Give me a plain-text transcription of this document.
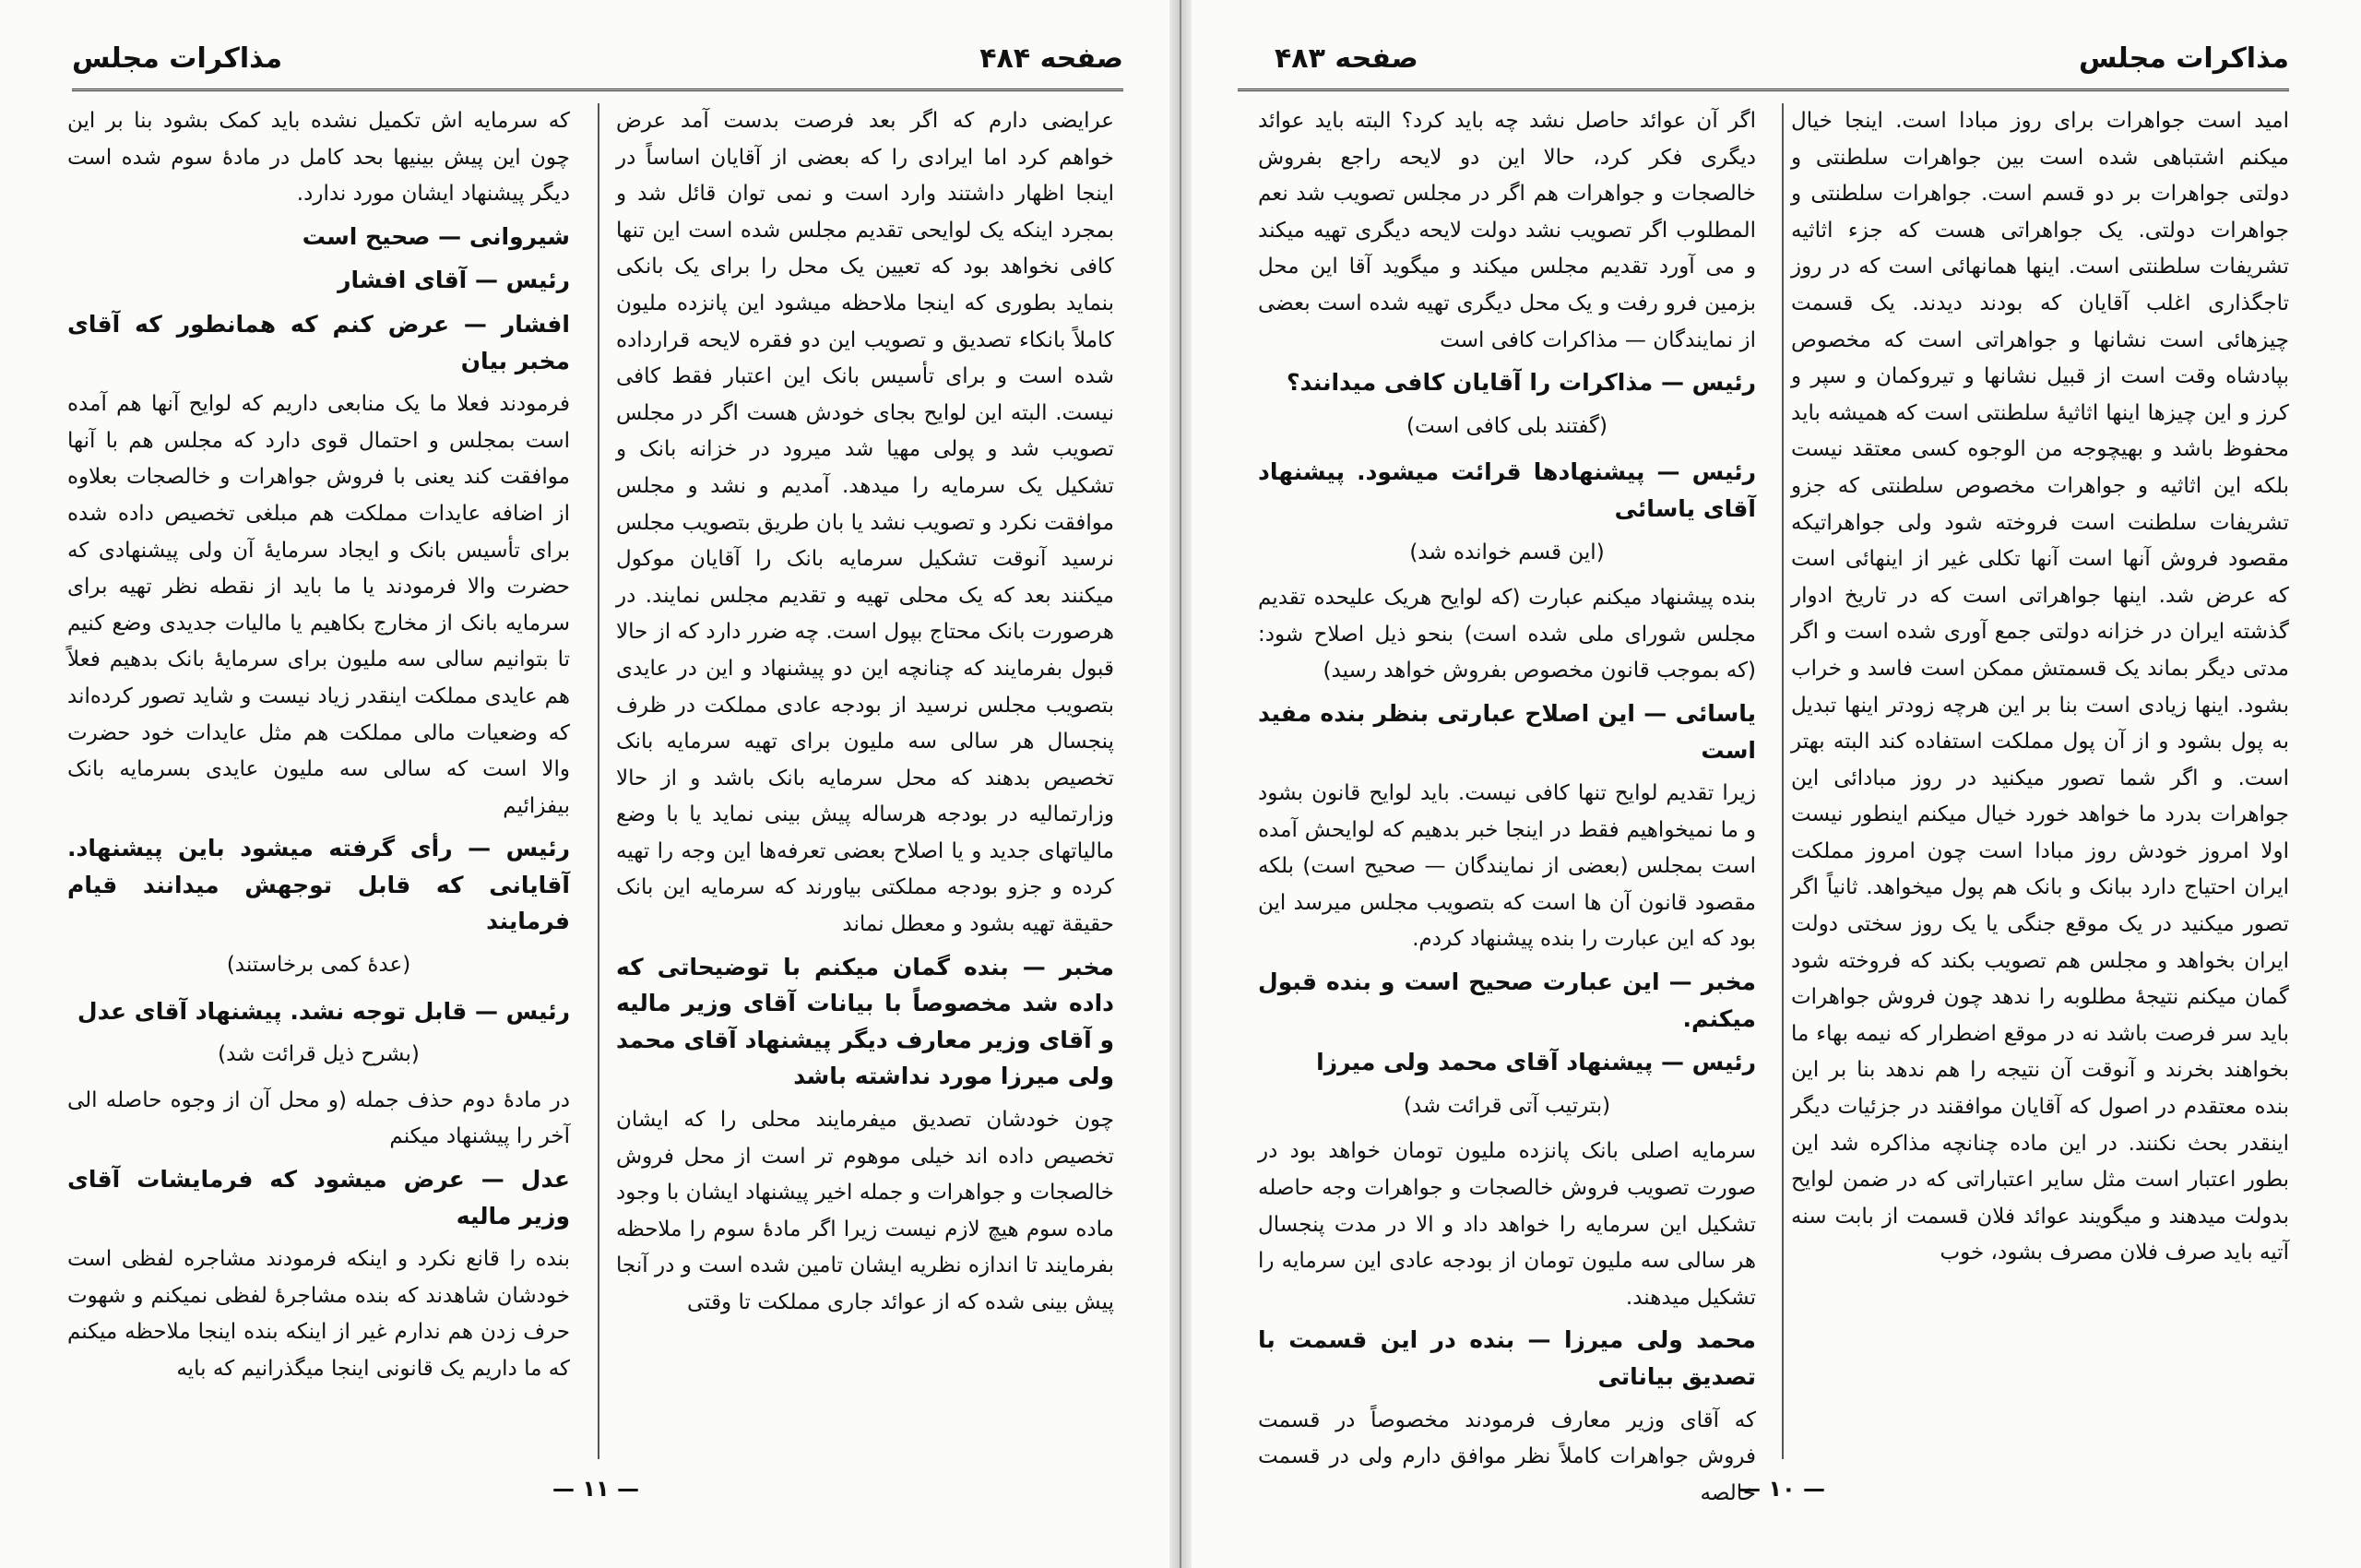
مذاکرات مجلس	صفحه ۴۸۴

عرایضی دارم که اگر بعد فرصت بدست آمد عرض خواهم کرد اما ایرادی را که بعضی از آقایان اساساً در اینجا اظهار داشتند وارد است و نمی توان قائل شد و بمجرد اینکه یک لوایحی تقدیم مجلس شده است این تنها کافی نخواهد بود که تعیین یک محل را برای یک بانکی بنماید بطوری که اینجا ملاحظه میشود این پانزده ملیون کاملاً بانکاء تصدیق و تصویب این دو فقره لایحه قرارداده شده است و برای تأسیس بانک این اعتبار فقط کافی نیست. البته این لوایح بجای خودش هست اگر در مجلس تصویب شد و پولی مهیا شد میرود در خزانه بانک و تشکیل یک سرمایه را میدهد. آمدیم و نشد و مجلس موافقت نکرد و تصویب نشد یا بان طریق بتصویب مجلس نرسید آنوقت تشکیل سرمایه بانک را آقایان موکول میکنند بعد که یک محلی تهیه و تقدیم مجلس نمایند. در هرصورت بانک محتاج بپول است. چه ضرر دارد که از حالا قبول بفرمایند که چنانچه این دو پیشنهاد و این در عایدی بتصویب مجلس نرسید از بودجه عادی مملکت در ظرف پنجسال هر سالی سه ملیون برای تهیه سرمایه بانک تخصیص بدهند که محل سرمایه بانک باشد و از حالا وزارتمالیه در بودجه هرساله پیش بینی نماید یا با وضع مالیاتهای جدید و یا اصلاح بعضی تعرفه‌ها این وجه را تهیه کرده و جزو بودجه مملکتی بیاورند که سرمایه این بانک حقیقة تهیه بشود و معطل نماند

مخبر — بنده گمان میکنم با توضیحاتی که داده شد مخصوصاً با بیانات آقای وزیر مالیه و آقای وزیر معارف دیگر پیشنهاد آقای محمد ولی میرزا مورد نداشته باشد

چون خودشان تصدیق میفرمایند محلی را که ایشان تخصیص داده اند خیلی موهوم تر است از محل فروش خالصجات و جواهرات و جمله اخیر پیشنهاد ایشان با وجود ماده سوم هیچ لازم نیست زیرا اگر مادهٔ سوم را ملاحظه بفرمایند تا اندازه نظریه ایشان تامین شده است و در آنجا پیش بینی شده که از عوائد جاری مملکت تا وقتی

که سرمایه اش تکمیل نشده باید کمک بشود بنا بر این چون این پیش بینیها بحد کامل در مادهٔ سوم شده است دیگر پیشنهاد ایشان مورد ندارد.

شیروانی — صحیح است

رئیس — آقای افشار

افشار — عرض کنم که همانطور که آقای مخبر بیان

فرمودند فعلا ما یک منابعی داریم که لوایح آنها هم آمده است بمجلس و احتمال قوی دارد که مجلس هم با آنها موافقت کند یعنی با فروش جواهرات و خالصجات بعلاوه از اضافه عایدات مملکت هم مبلغی تخصیص داده شده برای تأسیس بانک و ایجاد سرمایهٔ آن ولی پیشنهادی که حضرت والا فرمودند یا ما باید از نقطه نظر تهیه برای سرمایه بانک از مخارج بکاهیم یا مالیات جدیدی وضع کنیم تا بتوانیم سالی سه ملیون برای سرمایهٔ بانک بدهیم فعلاً هم عایدی مملکت اینقدر زیاد نیست و شاید تصور کرده‌اند که وضعیات مالی مملکت هم مثل عایدات خود حضرت والا است که سالی سه ملیون عایدی بسرمایه بانک بیفزائیم

رئیس — رأی گرفته میشود باین پیشنهاد. آقایانی که قابل توجهش میدانند قیام فرمایند

(عدهٔ کمی برخاستند)

رئیس — قابل توجه نشد. پیشنهاد آقای عدل

(بشرح ذیل قرائت شد)

در مادهٔ دوم حذف جمله (و محل آن از وجوه حاصله الی آخر را پیشنهاد میکنم

عدل — عرض میشود که فرمایشات آقای وزیر مالیه

بنده را قانع نکرد و اینکه فرمودند مشاجره لفظی است خودشان شاهدند که بنده مشاجرهٔ لفظی نمیکنم و شهوت حرف زدن هم ندارم غیر از اینکه بنده اینجا ملاحظه میکنم که ما داریم یک قانونی اینجا میگذرانیم که بایه

— ۱۱ —
مذاکرات مجلس
صفحه ۴۸۳

امید است جواهرات برای روز مبادا است. اینجا خیال میکنم اشتباهی شده است بین جواهرات سلطنتی و دولتی جواهرات بر دو قسم است. جواهرات سلطنتی و جواهرات دولتی. یک جواهراتی هست که جزء اثاثیه تشریفات سلطنتی است. اینها همانهائی است که در روز تاجگذاری اغلب آقایان که بودند دیدند. یک قسمت چیزهائی است نشانها و جواهراتی است که مخصوص بپادشاه وقت است از قبیل نشانها و تیروکمان و سپر و کرز و این چیزها اینها اثاثیهٔ سلطنتی است که همیشه باید محفوظ باشد و بهیچوجه من الوجوه کسی معتقد نیست بلکه این اثاثیه و جواهرات مخصوص سلطنتی که جزو تشریفات سلطنت است فروخته شود ولی جواهراتیکه مقصود فروش آنها است آنها تکلی غیر از اینهائی است که عرض شد. اینها جواهراتی است که در تاریخ ادوار گذشته ایران در خزانه دولتی جمع آوری شده است و اگر مدتی دیگر بماند یک قسمتش ممکن است فاسد و خراب بشود. اینها زیادی است بنا بر این هرچه زودتر اینها تبدیل به پول بشود و از آن پول مملکت استفاده کند البته بهتر است. و اگر شما تصور میکنید در روز مبادائی این جواهرات بدرد ما خواهد خورد خیال میکنم اینطور نیست اولا امروز خودش روز مبادا است چون امروز مملکت ایران احتیاج دارد ببانک و بانک هم پول میخواهد. ثانیاً اگر تصور میکنید در یک موقع جنگی یا یک روز سختی دولت ایران بخواهد و مجلس هم تصویب بکند که فروخته شود گمان میکنم نتیجهٔ مطلوبه را ندهد چون فروش جواهرات باید سر فرصت باشد نه در موقع اضطرار که نیمه بهاء ما بخواهند بخرند و آنوقت آن نتیجه را هم ندهد بنا بر این بنده معتقدم در اصول که آقایان موافقند در جزئیات دیگر اینقدر بحث نکنند. در این ماده چنانچه مذاکره شد این بطور اعتبار است مثل سایر اعتباراتی که در ضمن لوایح بدولت میدهند و میگویند عوائد فلان قسمت از بابت سنه آتیه باید صرف فلان مصرف بشود، خوب

اگر آن عوائد حاصل نشد چه باید کرد؟ البته باید عوائد دیگری فکر کرد، حالا این دو لایحه راجع بفروش خالصجات و جواهرات هم اگر در مجلس تصویب شد نعم المطلوب اگر تصویب نشد دولت لایحه دیگری تهیه میکند و می آورد تقدیم مجلس میکند و میگوید آقا این محل بزمین فرو رفت و یک محل دیگری تهیه شده است بعضی از نمایندگان — مذاکرات کافی است

رئیس — مذاکرات را آقایان کافی میدانند؟

(گفتند بلی کافی است)

رئیس — پیشنهادها قرائت میشود. پیشنهاد آقای یاسائی

(این قسم خوانده شد)

بنده پیشنهاد میکنم عبارت (که لوایح هریک علیحده تقدیم مجلس شورای ملی شده است) بنحو ذیل اصلاح شود: (که بموجب قانون مخصوص بفروش خواهد رسید)

یاسائی — این اصلاح عبارتی بنظر بنده مفید است

زیرا تقدیم لوایح تنها کافی نیست. باید لوایح قانون بشود و ما نمیخواهیم فقط در اینجا خبر بدهیم که لوایحش آمده است بمجلس (بعضی از نمایندگان — صحیح است) بلکه مقصود قانون آن ها است که بتصویب مجلس میرسد این بود که این عبارت را بنده پیشنهاد کردم.

مخبر — این عبارت صحیح است و بنده قبول میکنم.

رئیس — پیشنهاد آقای محمد ولی میرزا

(بترتیب آتی قرائت شد)

سرمایه اصلی بانک پانزده ملیون تومان خواهد بود در صورت تصویب فروش خالصجات و جواهرات وجه حاصله تشکیل این سرمایه را خواهد داد و الا در مدت پنجسال هر سالی سه ملیون تومان از بودجه عادی این سرمایه را تشکیل میدهند.

محمد ولی میرزا — بنده در این قسمت با تصدیق بیاناتی

که آقای وزیر معارف فرمودند مخصوصاً در قسمت فروش جواهرات کاملاً نظر موافق دارم ولی در قسمت خالصه

— ۱۰ —
